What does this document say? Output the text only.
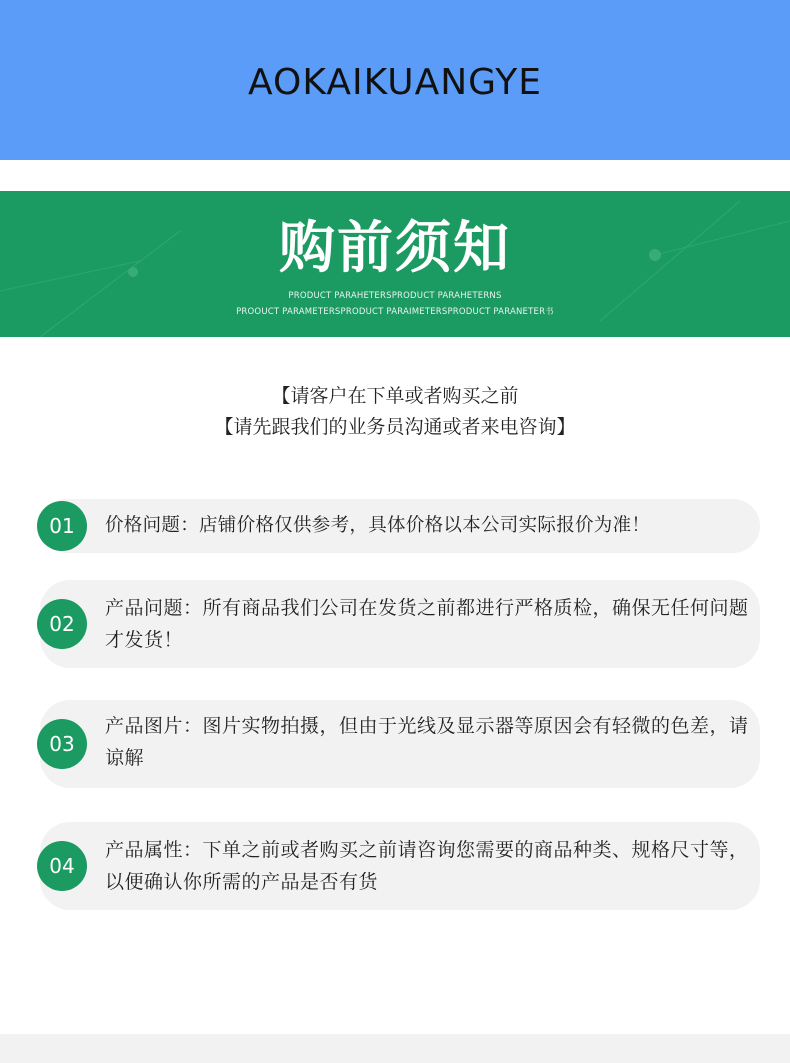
AOKAIKUANGYE
购前须知
PRODUCT PARAHETERSPRODUCT PARAHETERNS
PROOUCT PARAMETERSPRODUCT PARAIMETERSPRODUCT PARANETER书
【请客户在下单或者购买之前
【请先跟我们的业务员沟通或者来电咨询】
01	价格问题：店铺价格仅供参考，具体价格以本公司实际报价为准！
02
产品问题：所有商品我们公司在发货之前都进行严格质检，确保无任何问题才发货！
03
产品图片：图片实物拍摄，但由于光线及显示器等原因会有轻微的色差，请谅解
04
产品属性：下单之前或者购买之前请咨询您需要的商品种类、规格尺寸等，以便确认你所需的产品是否有货
